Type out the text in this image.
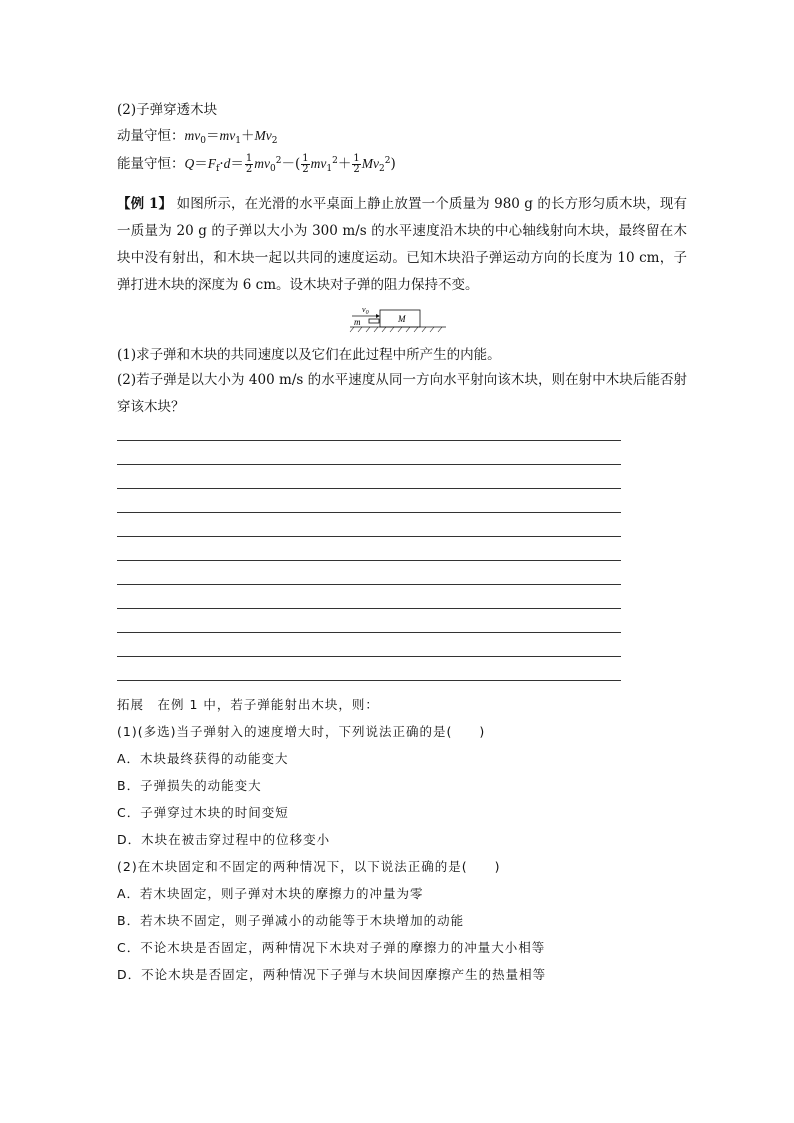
(2)子弹穿透木块
动量守恒：$mv_0=mv_1+Mv_2$
能量守恒：$Q=F_f\cdot d= \frac{1}{2} mv_0^2-( \frac{1}{2} mv_1^2+ \frac{1}{2} Mv_2^2)$
【例 1】 如图所示，在光滑的水平桌面上静止放置一个质量为 980 g 的长方形匀质木块，现有一质量为 20 g 的子弹以大小为 300 m/s 的水平速度沿木块的中心轴线射向木块，最终留在木块中没有射出，和木块一起以共同的速度运动。已知木块沿子弹运动方向的长度为 10 cm，子弹打进木块的深度为 6 cm。设木块对子弹的阻力保持不变。
$v_0$
m	M
(1)求子弹和木块的共同速度以及它们在此过程中所产生的内能。
(2)若子弹是以大小为 400 m/s 的水平速度从同一方向水平射向该木块，则在射中木块后能否射穿该木块？
拓展　在例 1 中，若子弹能射出木块，则：
(1)(多选)当子弹射入的速度增大时，下列说法正确的是(　　)
A．木块最终获得的动能变大
B．子弹损失的动能变大
C．子弹穿过木块的时间变短
D．木块在被击穿过程中的位移变小
(2)在木块固定和不固定的两种情况下，以下说法正确的是(　　)
A．若木块固定，则子弹对木块的摩擦力的冲量为零
B．若木块不固定，则子弹减小的动能等于木块增加的动能
C．不论木块是否固定，两种情况下木块对子弹的摩擦力的冲量大小相等
D．不论木块是否固定，两种情况下子弹与木块间因摩擦产生的热量相等
